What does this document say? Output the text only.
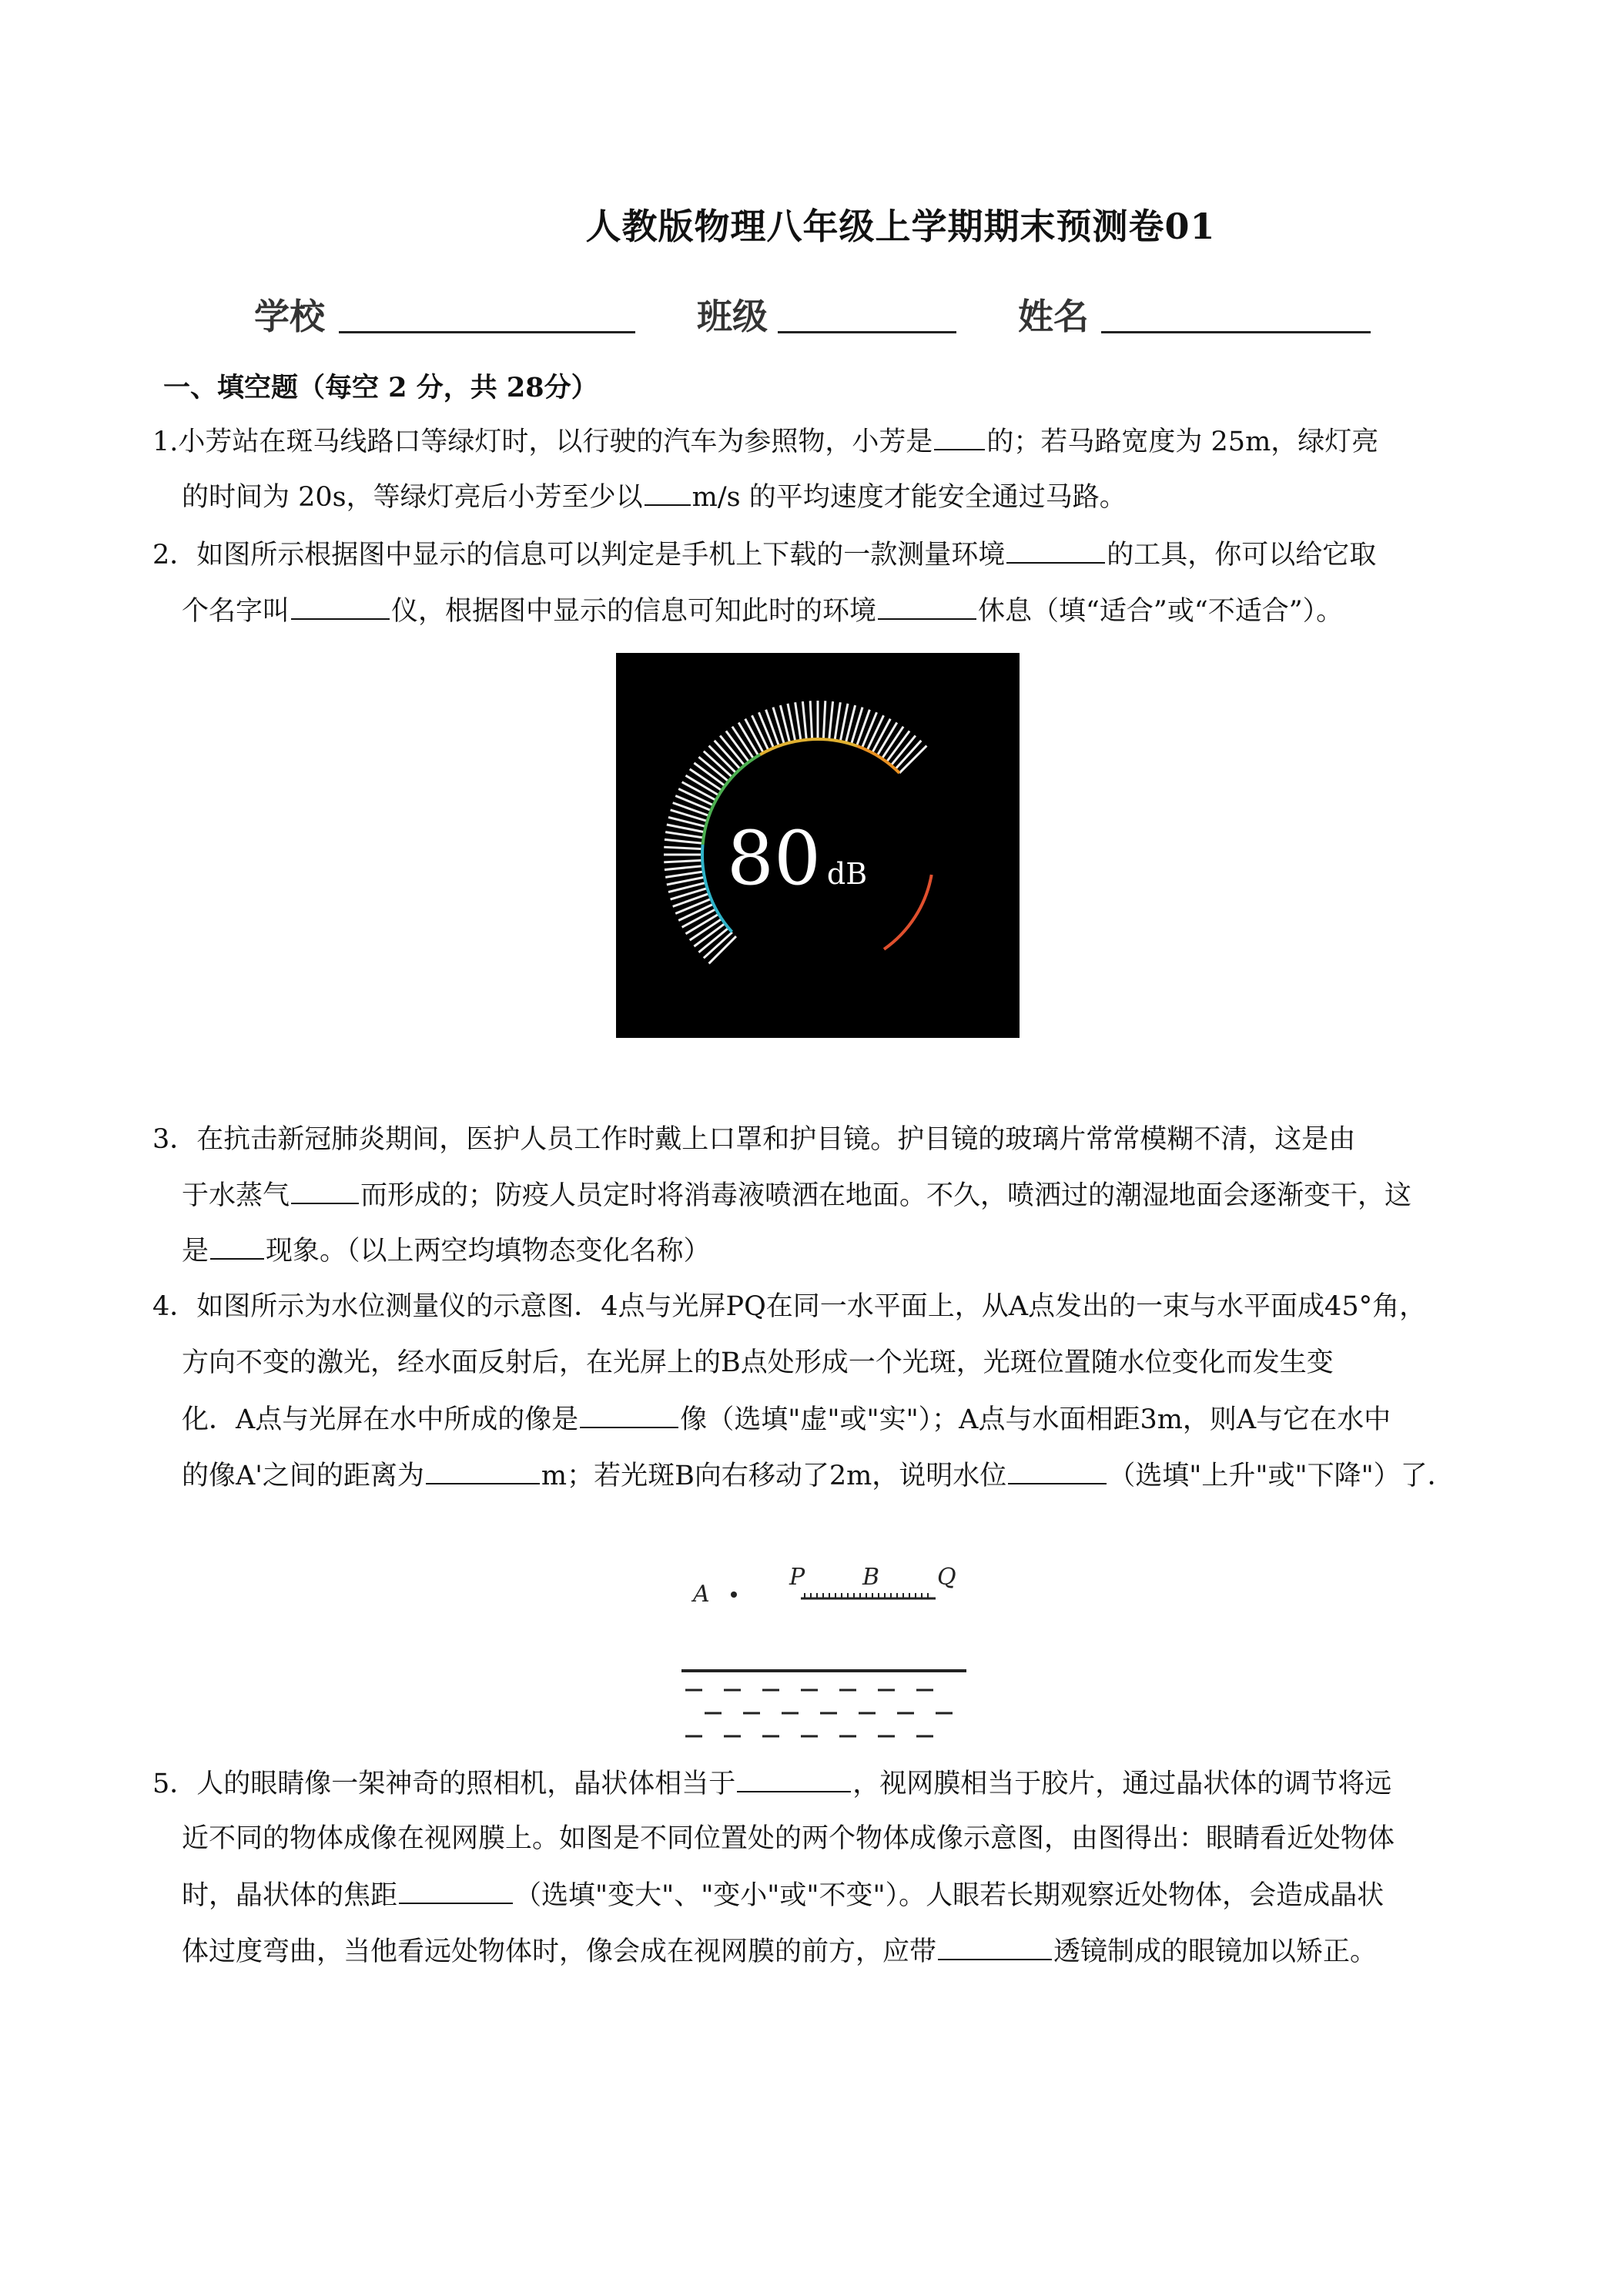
人教版物理八年级上学期期末预测卷01
学校	班级	姓名
一、填空题（每空 2 分，共 28分）
1.小芳站在斑马线路口等绿灯时，以行驶的汽车为参照物，小芳是 的；若马路宽度为 25m，绿灯亮
的时间为 20s，等绿灯亮后小芳至少以 m/s 的平均速度才能安全通过马路。
2．如图所示根据图中显示的信息可以判定是手机上下载的一款测量环境	的工具，你可以给它取
个名字叫	仪，根据图中显示的信息可知此时的环境	休息（填“适合”或“不适合”）。
80 dB
3．在抗击新冠肺炎期间，医护人员工作时戴上口罩和护目镜。护目镜的玻璃片常常模糊不清，这是由
于水蒸气	而形成的；防疫人员定时将消毒液喷洒在地面。不久，喷洒过的潮湿地面会逐渐变干，这
是 现象。（以上两空均填物态变化名称）
4．如图所示为水位测量仪的示意图．4点与光屏PQ在同一水平面上，从A点发出的一束与水平面成45°角，
方向不变的激光，经水面反射后，在光屏上的B点处形成一个光斑，光斑位置随水位变化而发生变
化．A点与光屏在水中所成的像是	像（选填"虚"或"实"）；A点与水面相距3m，则A与它在水中
的像A'之间的距离为	m；若光斑B向右移动了2m，说明水位	（选填"上升"或"下降"）了．
A
P B Q
5．人的眼睛像一架神奇的照相机，晶状体相当于	，视网膜相当于胶片，通过晶状体的调节将远
近不同的物体成像在视网膜上。如图是不同位置处的两个物体成像示意图，由图得出：眼睛看近处物体
时，晶状体的焦距	（选填"变大"、"变小"或"不变"）。人眼若长期观察近处物体，会造成晶状
体过度弯曲，当他看远处物体时，像会成在视网膜的前方，应带	透镜制成的眼镜加以矫正。
